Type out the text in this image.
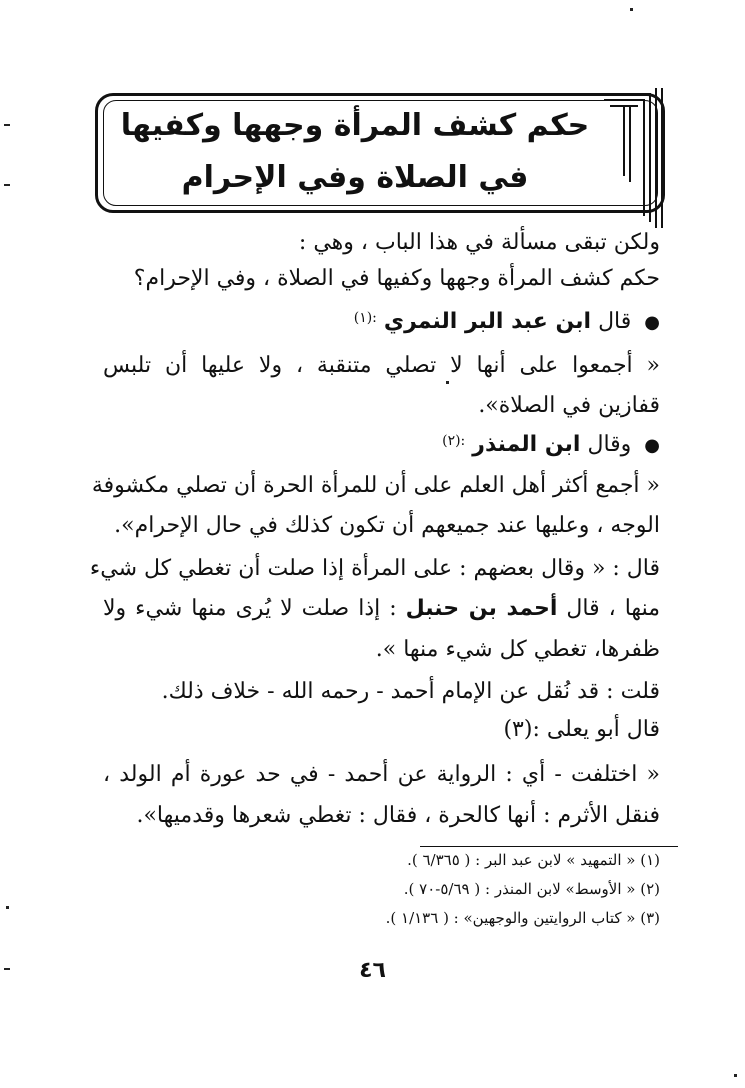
حكم كشف المرأة وجهها وكفيها
في الصلاة وفي الإحرام
ولكن تبقى مسألة في هذا الباب ، وهي :
حكم كشف المرأة وجهها وكفيها في الصلاة ، وفي الإحرام؟
● قال ابن عبد البر النمري $^{:(١)}$
« أجمعوا على أنها لا تصلي متنقبة ، ولا عليها أن تلبس
قفازين في الصلاة».
● وقال ابن المنذر $^{:(٢)}$
« أجمع أكثر أهل العلم على أن للمرأة الحرة أن تصلي مكشوفة
الوجه ، وعليها عند جميعهم أن تكون كذلك في حال الإحرام».
قال : « وقال بعضهم : على المرأة إذا صلت أن تغطي كل شيء
منها ، قال أحمد بن حنبل : إذا صلت لا يُرى منها شيء ولا
ظفرها، تغطي كل شيء منها ».
قلت : قد نُقل عن الإمام أحمد - رحمه الله - خلاف ذلك.
قال أبو يعلى :(٣)
« اختلفت - أي : الرواية عن أحمد - في حد عورة أم الولد ،
فنقل الأثرم : أنها كالحرة ، فقال : تغطي شعرها وقدميها».
(١) « التمهيد » لابن عبد البر : ( ٦/٣٦٥ ).
(٢) « الأوسط» لابن المنذر : ( ٥/٦٩-٧٠ ).
(٣) « كتاب الروايتين والوجهين» : ( ١/١٣٦ ).
٤٦
